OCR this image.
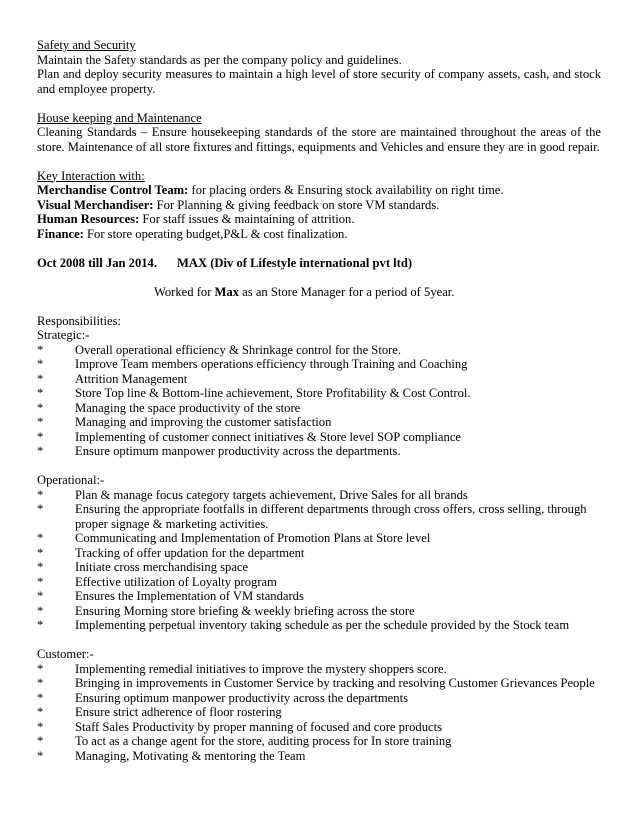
Safety and Security

Maintain the Safety standards as per the company policy and guidelines.

Plan and deploy security measures to maintain a high level of store security of company assets, cash, and stock and employee property.

House keeping and Maintenance

Cleaning Standards – Ensure housekeeping standards of the store are maintained throughout the areas of the store. Maintenance of all store fixtures and fittings, equipments and Vehicles and ensure they are in good repair.

Key Interaction with:

Merchandise Control Team: for placing orders & Ensuring stock availability on right time.

Visual Merchandiser: For Planning & giving feedback on store VM standards.

Human Resources: For staff issues & maintaining of attrition.

Finance: For store operating budget,P&L & cost finalization.

Oct 2008 till Jan 2014. MAX (Div of Lifestyle international pvt ltd)

Worked for Max as an Store Manager for a period of 5year.

Responsibilities:

Strategic:-

*	Overall operational efficiency & Shrinkage control for the Store.
*	Improve Team members operations efficiency through Training and Coaching
*	Attrition Management
*	Store Top line & Bottom-line achievement, Store Profitability & Cost Control.
*	Managing the space productivity of the store
*	Managing and improving the customer satisfaction
*	Implementing of customer connect initiatives & Store level SOP compliance
*	Ensure optimum manpower productivity across the departments.

Operational:-

*	Plan & manage focus category targets achievement, Drive Sales for all brands
*	Ensuring the appropriate footfalls in different departments through cross offers, cross selling, through proper signage & marketing activities.
*	Communicating and Implementation of Promotion Plans at Store level
*	Tracking of offer updation for the department
*	Initiate cross merchandising space
*	Effective utilization of Loyalty program
*	Ensures the Implementation of VM standards
*	Ensuring Morning store briefing & weekly briefing across the store
*	Implementing perpetual inventory taking schedule as per the schedule provided by the Stock team

Customer:-

*	Implementing remedial initiatives to improve the mystery shoppers score.
*	Bringing in improvements in Customer Service by tracking and resolving Customer Grievances People
*	Ensuring optimum manpower productivity across the departments
*	Ensure strict adherence of floor rostering
*	Staff Sales Productivity by proper manning of focused and core products
*	To act as a change agent for the store, auditing process for In store training
*	Managing, Motivating & mentoring the Team
